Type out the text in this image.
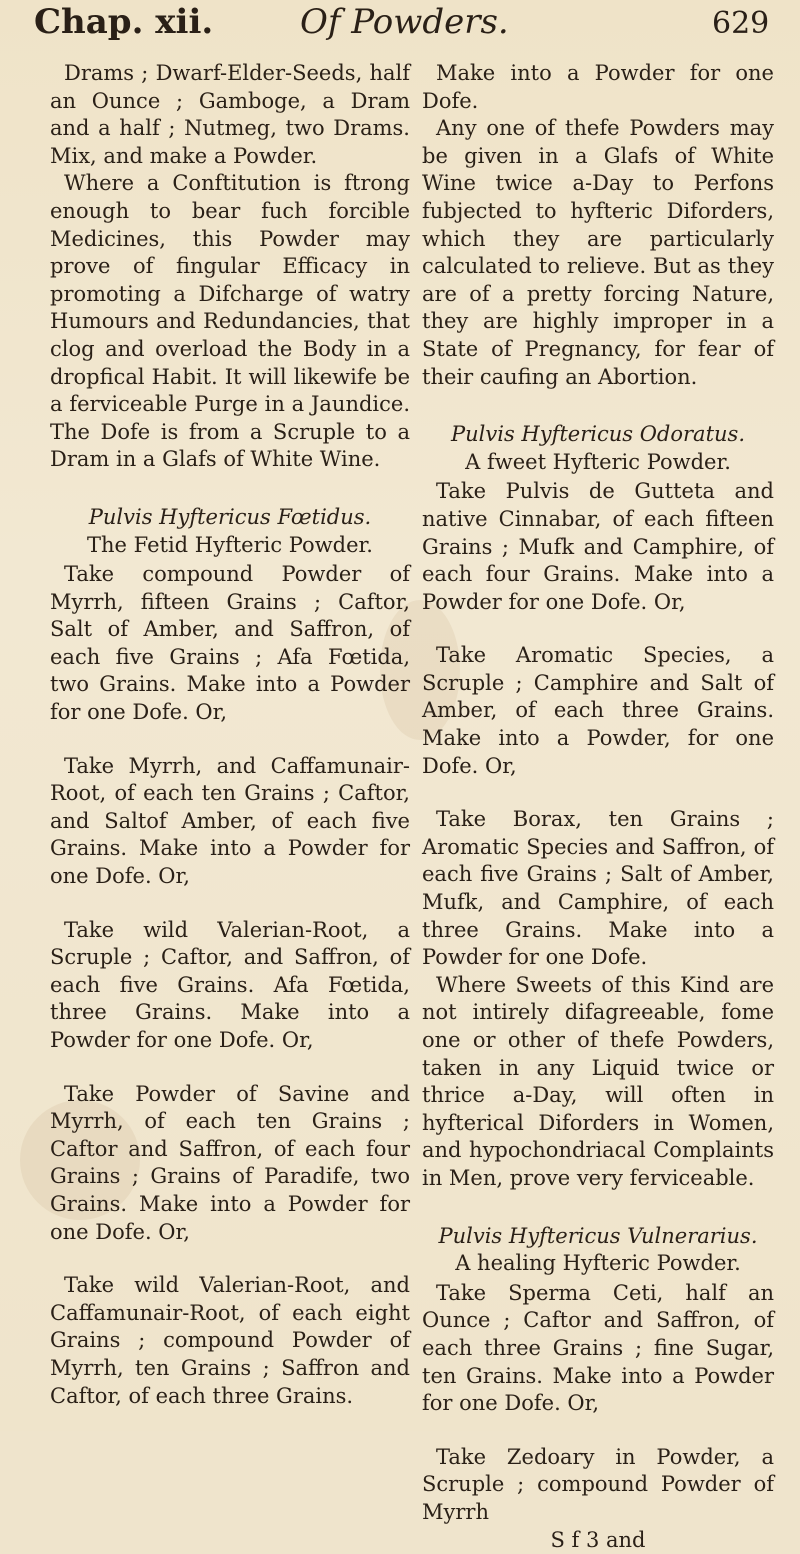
Chap. xii.	Of Powders.	629

Drams ; Dwarf-Elder-Seeds, half an Ounce ; Gamboge, a Dram and a half ; Nutmeg, two Drams. Mix, and make a Powder.

Where a Conftitution is ftrong enough to bear fuch forcible Medicines, this Powder may prove of fingular Efficacy in promoting a Difcharge of watry Humours and Redundancies, that clog and overload the Body in a dropfical Habit. It will likewife be a ferviceable Purge in a Jaundice. The Dofe is from a Scruple to a Dram in a Glafs of White Wine.

Pulvis Hyftericus Fœtidus.

The Fetid Hyfteric Powder.

Take compound Powder of Myrrh, fifteen Grains ; Caftor, Salt of Amber, and Saffron, of each five Grains ; Afa Fœtida, two Grains. Make into a Powder for one Dofe. Or,

Take Myrrh, and Caffamunair-Root, of each ten Grains ; Caftor, and Saltof Amber, of each five Grains. Make into a Powder for one Dofe. Or,

Take wild Valerian-Root, a Scruple ; Caftor, and Saffron, of each five Grains. Afa Fœtida, three Grains. Make into a Powder for one Dofe. Or,

Take Powder of Savine and Myrrh, of each ten Grains ; Caftor and Saffron, of each four Grains ; Grains of Paradife, two Grains. Make into a Powder for one Dofe. Or,

Take wild Valerian-Root, and Caffamunair-Root, of each eight Grains ; compound Powder of Myrrh, ten Grains ; Saffron and Caftor, of each three Grains.

Make into a Powder for one Dofe.

Any one of thefe Powders may be given in a Glafs of White Wine twice a-Day to Perfons fubjected to hyfteric Diforders, which they are particularly calculated to relieve. But as they are of a pretty forcing Nature, they are highly improper in a State of Pregnancy, for fear of their caufing an Abortion.

Pulvis Hyftericus Odoratus.

A fweet Hyfteric Powder.

Take Pulvis de Gutteta and native Cinnabar, of each fifteen Grains ; Mufk and Camphire, of each four Grains. Make into a Powder for one Dofe. Or,

Take Aromatic Species, a Scruple ; Camphire and Salt of Amber, of each three Grains. Make into a Powder, for one Dofe. Or,

Take Borax, ten Grains ; Aromatic Species and Saffron, of each five Grains ; Salt of Amber, Mufk, and Camphire, of each three Grains. Make into a Powder for one Dofe.

Where Sweets of this Kind are not intirely difagreeable, fome one or other of thefe Powders, taken in any Liquid twice or thrice a-Day, will often in hyfterical Diforders in Women, and hypochondriacal Complaints in Men, prove very ferviceable.

Pulvis Hyftericus Vulnerarius.

A healing Hyfteric Powder.

Take Sperma Ceti, half an Ounce ; Caftor and Saffron, of each three Grains ; fine Sugar, ten Grains. Make into a Powder for one Dofe. Or,

Take Zedoary in Powder, a Scruple ; compound Powder of Myrrh

S f 3 and
